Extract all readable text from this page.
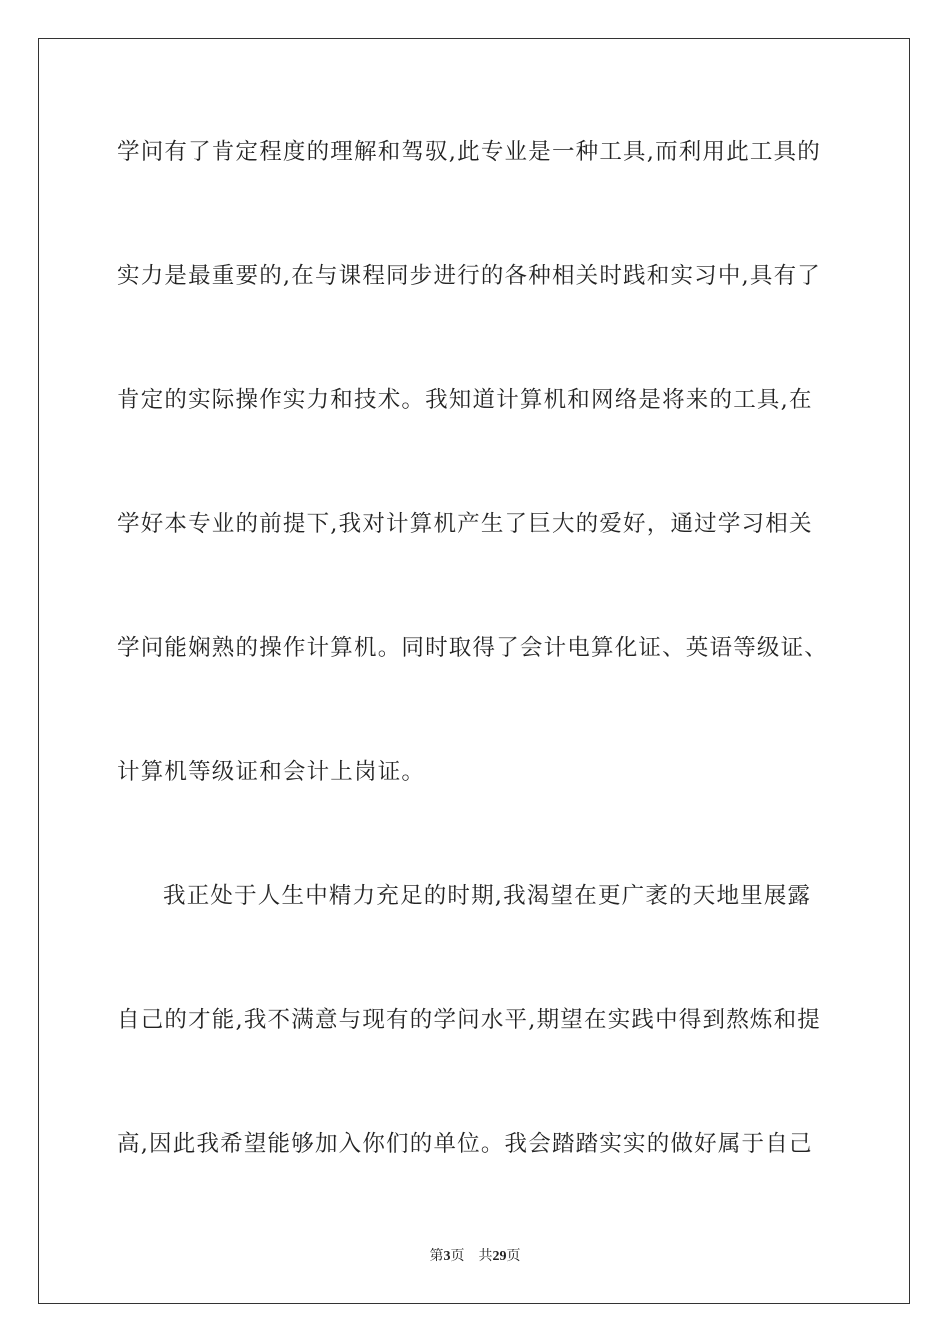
学问有了肯定程度的理解和驾驭,此专业是一种工具,而利用此工具的
实力是最重要的,在与课程同步进行的各种相关时践和实习中,具有了
肯定的实际操作实力和技术。我知道计算机和网络是将来的工具,在
学好本专业的前提下,我对计算机产生了巨大的爱好，通过学习相关
学问能娴熟的操作计算机。同时取得了会计电算化证、英语等级证、
计算机等级证和会计上岗证。
我正处于人生中精力充足的时期,我渴望在更广袤的天地里展露
自己的才能,我不满意与现有的学问水平,期望在实践中得到熬炼和提
高,因此我希望能够加入你们的单位。我会踏踏实实的做好属于自己
第3页 共29页
